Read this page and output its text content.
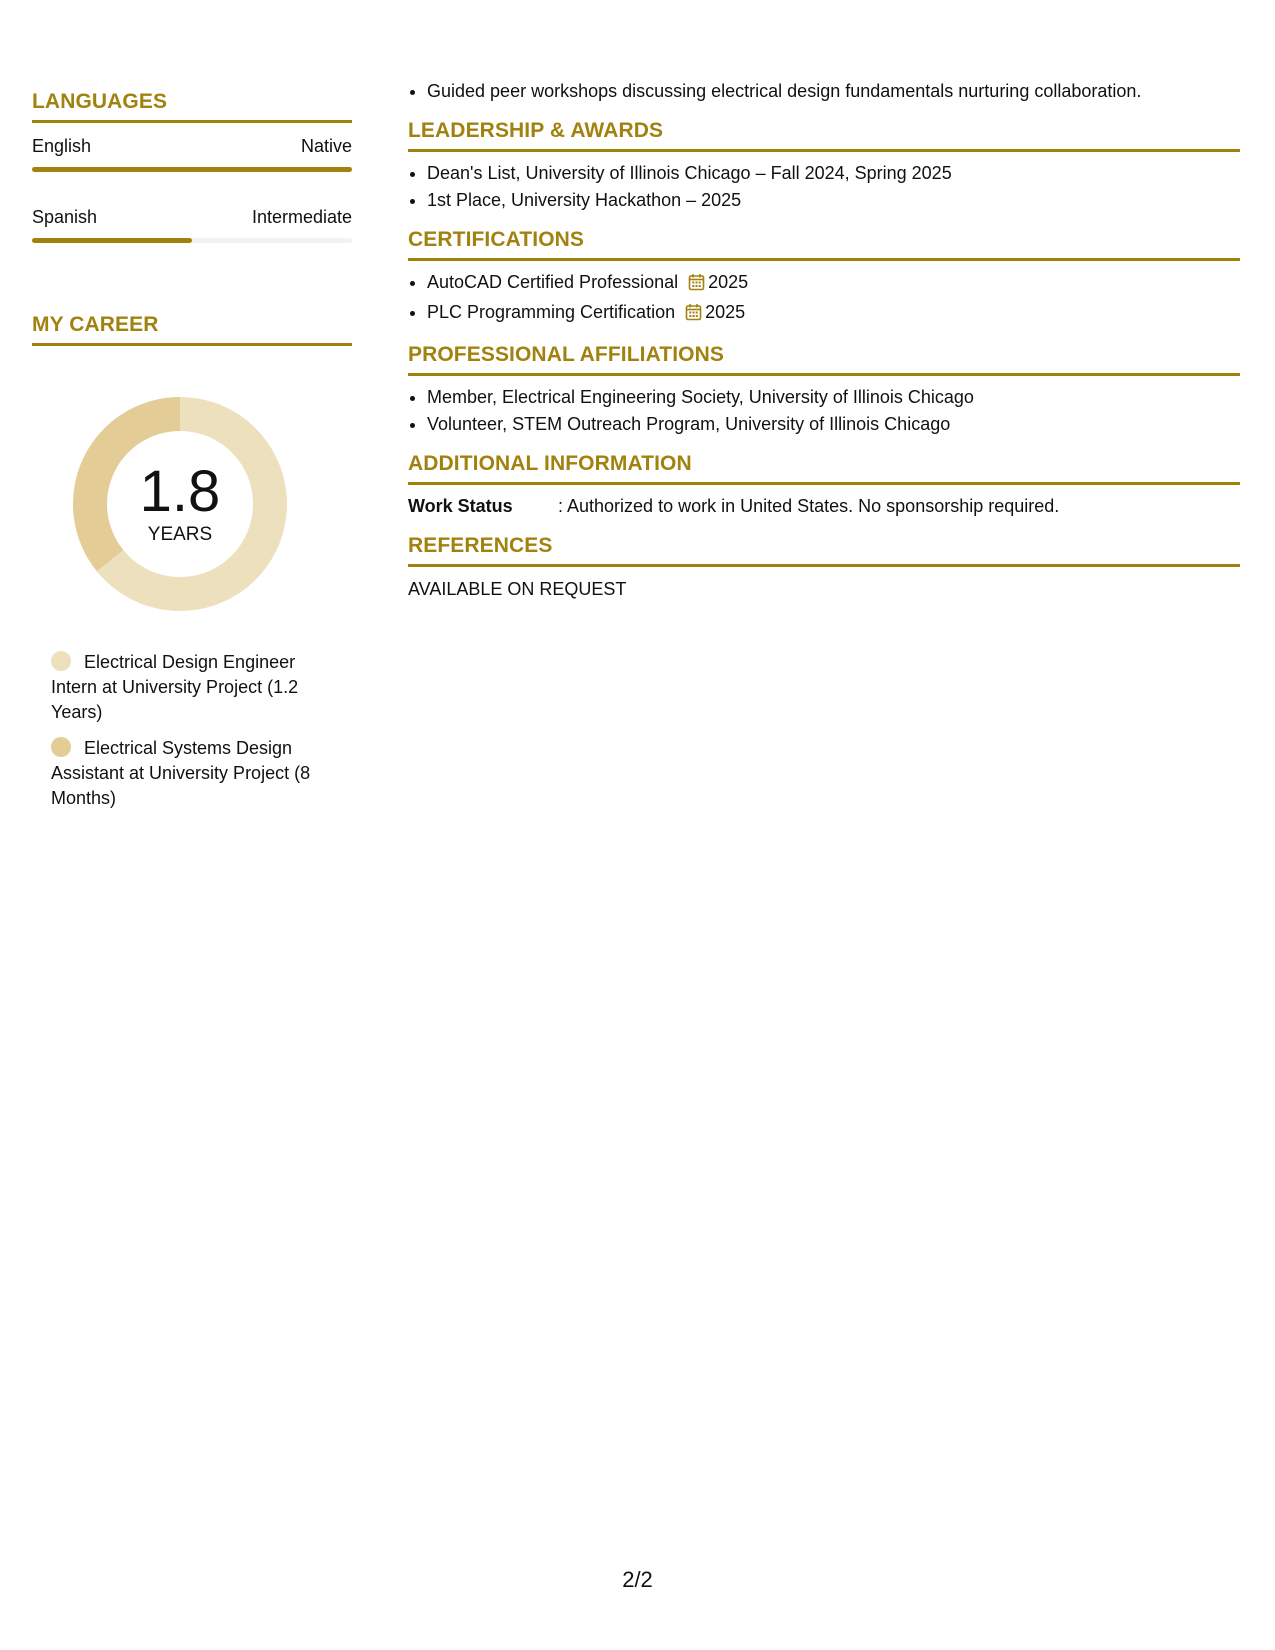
LANGUAGES
English	Native
Spanish	Intermediate
MY CAREER
1.8
YEARS
Electrical Design Engineer Intern at University Project (1.2 Years)
Electrical Systems Design Assistant at University Project (8 Months)
• Guided peer workshops discussing electrical design fundamentals nurturing collaboration.
LEADERSHIP & AWARDS
• Dean's List, University of Illinois Chicago – Fall 2024, Spring 2025
• 1st Place, University Hackathon – 2025
CERTIFICATIONS
• AutoCAD Certified Professional 2025
• PLC Programming Certification 2025
PROFESSIONAL AFFILIATIONS
• Member, Electrical Engineering Society, University of Illinois Chicago
• Volunteer, STEM Outreach Program, University of Illinois Chicago
ADDITIONAL INFORMATION
Work Status	: Authorized to work in United States. No sponsorship required.
REFERENCES
AVAILABLE ON REQUEST
2/2
